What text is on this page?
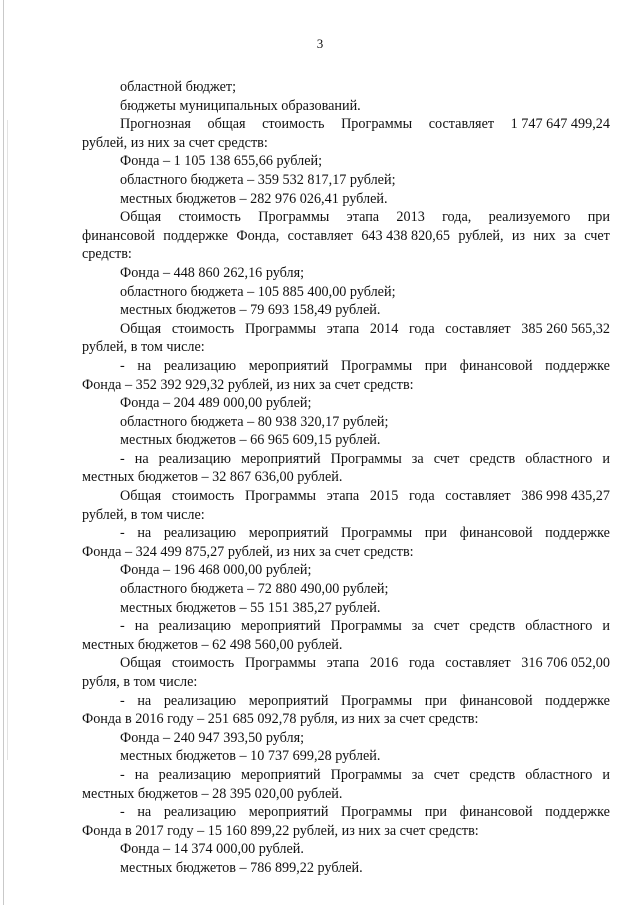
3
областной бюджет;
бюджеты муниципальных образований.
Прогнозная общая стоимость Программы составляет 1 747 647 499,24
рублей, из них за счет средств:
Фонда – 1 105 138 655,66 рублей;
областного бюджета – 359 532 817,17 рублей;
местных бюджетов – 282 976 026,41 рублей.
Общая стоимость Программы этапа 2013 года, реализуемого при
финансовой поддержке Фонда, составляет 643 438 820,65 рублей, из них за счет
средств:
Фонда – 448 860 262,16 рубля;
областного бюджета – 105 885 400,00 рублей;
местных бюджетов – 79 693 158,49 рублей.
Общая стоимость Программы этапа 2014 года составляет 385 260 565,32
рублей, в том числе:
- на реализацию мероприятий Программы при финансовой поддержке
Фонда – 352 392 929,32 рублей, из них за счет средств:
Фонда – 204 489 000,00 рублей;
областного бюджета – 80 938 320,17 рублей;
местных бюджетов – 66 965 609,15 рублей.
- на реализацию мероприятий Программы за счет средств областного и
местных бюджетов – 32 867 636,00 рублей.
Общая стоимость Программы этапа 2015 года составляет 386 998 435,27
рублей, в том числе:
- на реализацию мероприятий Программы при финансовой поддержке
Фонда – 324 499 875,27 рублей, из них за счет средств:
Фонда – 196 468 000,00 рублей;
областного бюджета – 72 880 490,00 рублей;
местных бюджетов – 55 151 385,27 рублей.
- на реализацию мероприятий Программы за счет средств областного и
местных бюджетов – 62 498 560,00 рублей.
Общая стоимость Программы этапа 2016 года составляет 316 706 052,00
рубля, в том числе:
- на реализацию мероприятий Программы при финансовой поддержке
Фонда в 2016 году – 251 685 092,78 рубля, из них за счет средств:
Фонда – 240 947 393,50 рубля;
местных бюджетов – 10 737 699,28 рублей.
- на реализацию мероприятий Программы за счет средств областного и
местных бюджетов – 28 395 020,00 рублей.
- на реализацию мероприятий Программы при финансовой поддержке
Фонда в 2017 году – 15 160 899,22 рублей, из них за счет средств:
Фонда – 14 374 000,00 рублей.
местных бюджетов – 786 899,22 рублей.
